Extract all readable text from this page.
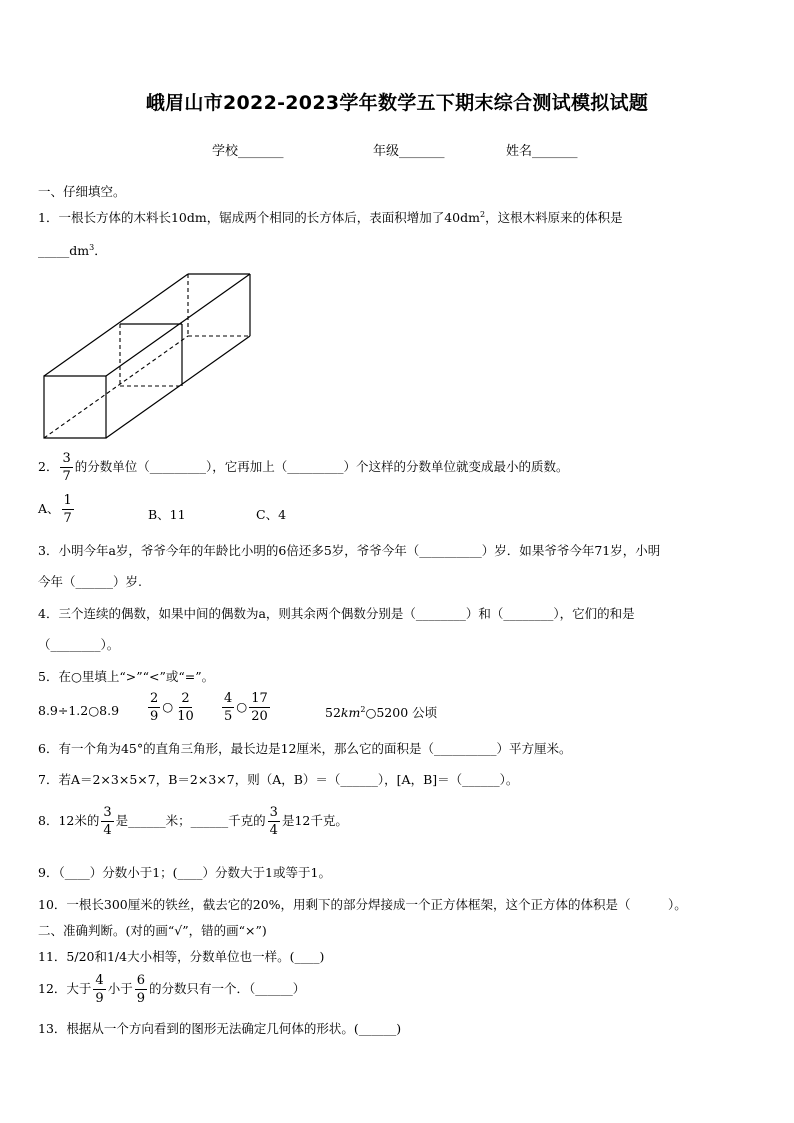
峨眉山市2022-2023学年数学五下期末综合测试模拟试题
学校_______	年级_______	姓名_______
一、仔细填空。
1．一根长方体的木料长10dm，锯成两个相同的长方体后，表面积增加了$40dm^2$，这根木料原来的体积是
$\_\_\_\_\_dm^3$．
2． $\frac{3}{7}$ 的分数单位（_________），它再加上（_________）个这样的分数单位就变成最小的质数。
A、 $\frac{1}{7}$	B、11	C、4
3．小明今年a岁，爷爷今年的年龄比小明的6倍还多5岁，爷爷今年（__________）岁．如果爷爷今年71岁，小明
今年（______）岁.
4．三个连续的偶数，如果中间的偶数为a，则其余两个偶数分别是（________）和（________），它们的和是
（________）。
5．在○里填上“>”“<”或“=”。
8.9÷1.2○8.9 $\frac{2}{9}$ ○ $\frac{2}{10} \frac{4}{5}$ ○ $\frac{17}{20}$	$52km^2○5200$ 公顷
6．有一个角为45°的直角三角形，最长边是12厘米，那么它的面积是（__________）平方厘米。
7．若A＝2×3×5×7，B＝2×3×7，则（A，B）＝（______），[A，B]＝（______）。
8．12米的 $\frac{3}{4}$ 是______米；______千克的 $\frac{3}{4}$ 是12千克。
9．（____）分数小于1；(____）分数大于1或等于1。
10．一根长300厘米的铁丝，截去它的20%，用剩下的部分焊接成一个正方体框架，这个正方体的体积是（　　　）。
二、准确判断。(对的画“√”，错的画“×”)
11．5/20和1/4大小相等，分数单位也一样。(____)
12．大于 $\frac{4}{9}$ 小于 $\frac{6}{9}$ 的分数只有一个．（______）
13．根据从一个方向看到的图形无法确定几何体的形状。(______)
